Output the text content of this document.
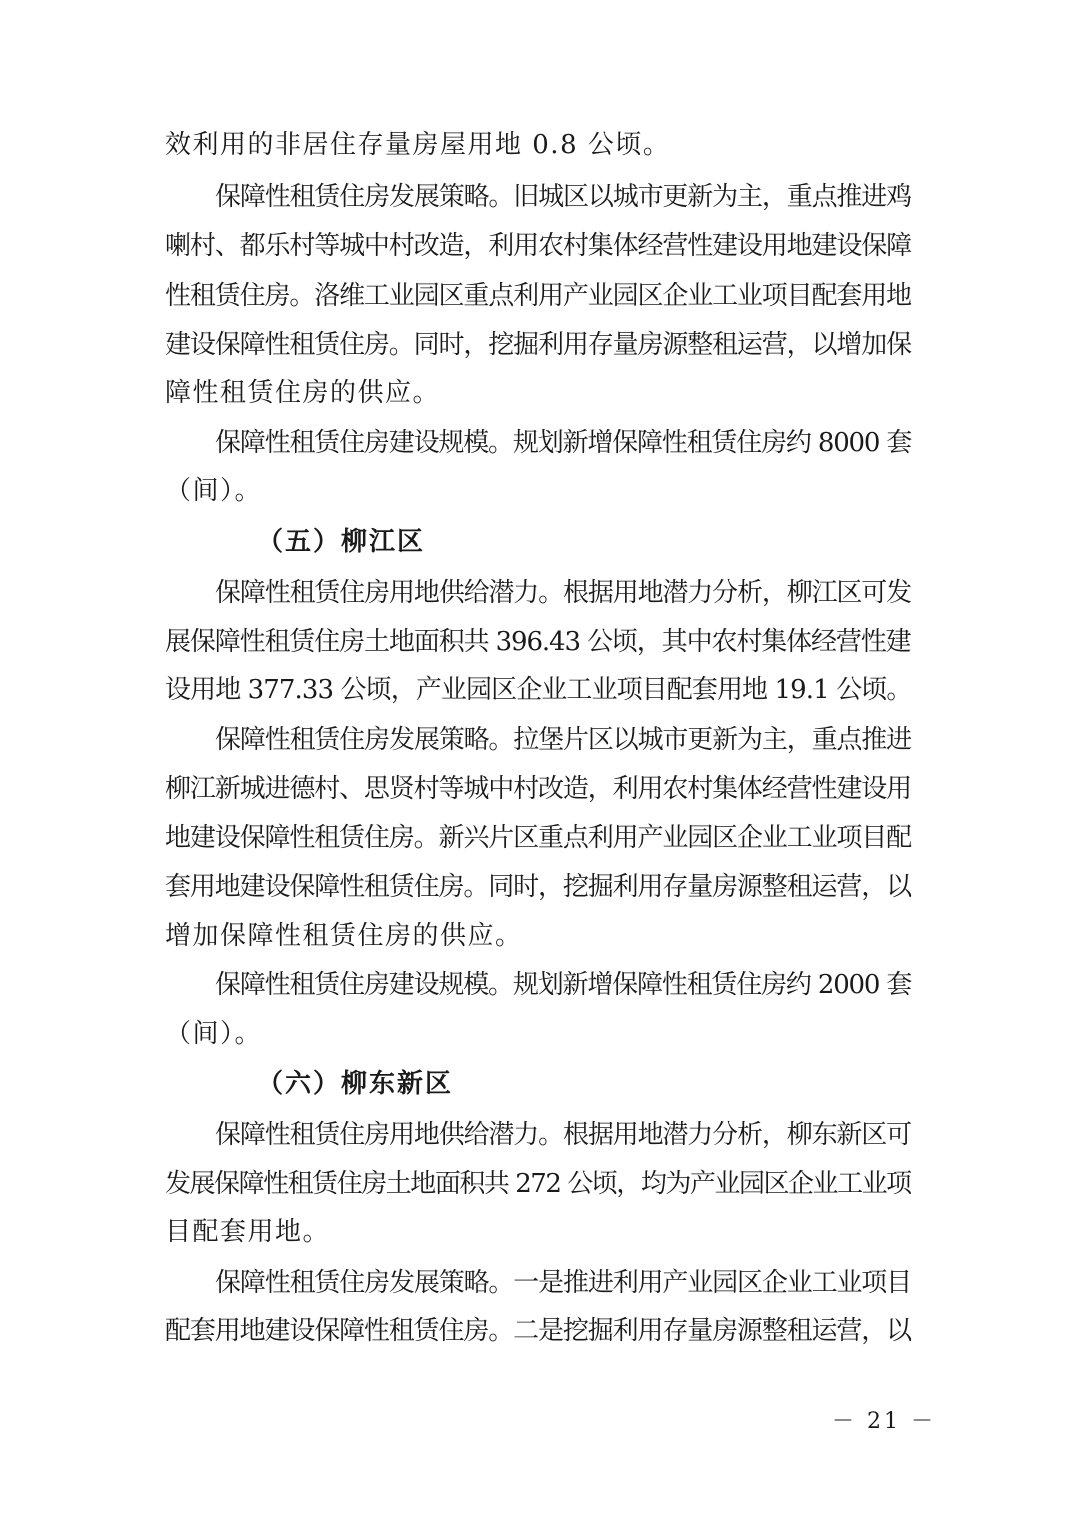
效利用的非居住存量房屋用地 0.8 公顷。
保障性租赁住房发展策略。旧城区以城市更新为主，重点推进鸡
喇村、都乐村等城中村改造，利用农村集体经营性建设用地建设保障
性租赁住房。洛维工业园区重点利用产业园区企业工业项目配套用地
建设保障性租赁住房。同时，挖掘利用存量房源整租运营，以增加保
障性租赁住房的供应。
保障性租赁住房建设规模。规划新增保障性租赁住房约 8000 套
（间）。
（五）柳江区
保障性租赁住房用地供给潜力。根据用地潜力分析，柳江区可发
展保障性租赁住房土地面积共 396.43 公顷，其中农村集体经营性建
设用地 377.33 公顷，产业园区企业工业项目配套用地 19.1 公顷。
保障性租赁住房发展策略。拉堡片区以城市更新为主，重点推进
柳江新城进德村、思贤村等城中村改造，利用农村集体经营性建设用
地建设保障性租赁住房。新兴片区重点利用产业园区企业工业项目配
套用地建设保障性租赁住房。同时，挖掘利用存量房源整租运营，以
增加保障性租赁住房的供应。
保障性租赁住房建设规模。规划新增保障性租赁住房约 2000 套
（间）。
（六）柳东新区
保障性租赁住房用地供给潜力。根据用地潜力分析，柳东新区可
发展保障性租赁住房土地面积共 272 公顷，均为产业园区企业工业项
目配套用地。
保障性租赁住房发展策略。一是推进利用产业园区企业工业项目
配套用地建设保障性租赁住房。二是挖掘利用存量房源整租运营，以
－ 21 －
